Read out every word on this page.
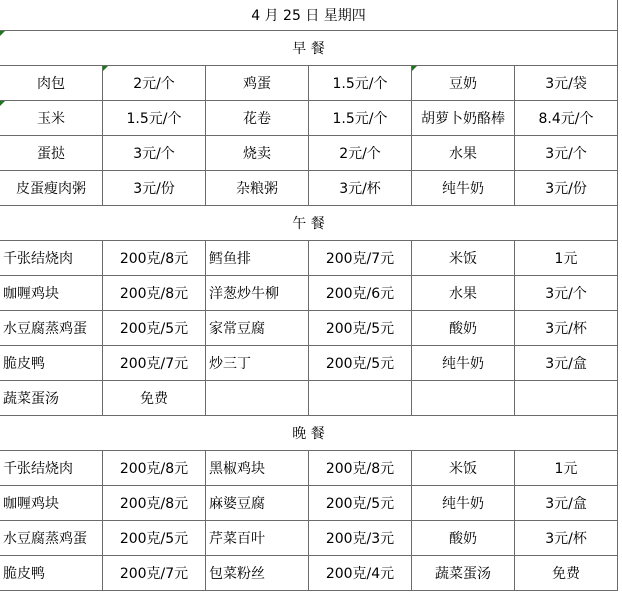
4 月 25 日 星期四					
早 餐					
肉包	2元/个	鸡蛋	1.5元/个	豆奶	3元/袋
玉米	1.5元/个	花卷	1.5元/个	胡萝卜奶酪棒	8.4元/个
蛋挞	3元/个	烧卖	2元/个	水果	3元/个
皮蛋瘦肉粥	3元/份	杂粮粥	3元/杯	纯牛奶	3元/份
午 餐					
千张结烧肉	200克/8元	鳕鱼排	200克/7元	米饭	1元
咖喱鸡块	200克/8元	洋葱炒牛柳	200克/6元	水果	3元/个
水豆腐蒸鸡蛋	200克/5元	家常豆腐	200克/5元	酸奶	3元/杯
脆皮鸭	200克/7元	炒三丁	200克/5元	纯牛奶	3元/盒
蔬菜蛋汤	免费				
晚 餐					
千张结烧肉	200克/8元	黑椒鸡块	200克/8元	米饭	1元
咖喱鸡块	200克/8元	麻婆豆腐	200克/5元	纯牛奶	3元/盒
水豆腐蒸鸡蛋	200克/5元	芹菜百叶	200克/3元	酸奶	3元/杯
脆皮鸭	200克/7元	包菜粉丝	200克/4元	蔬菜蛋汤	免费
